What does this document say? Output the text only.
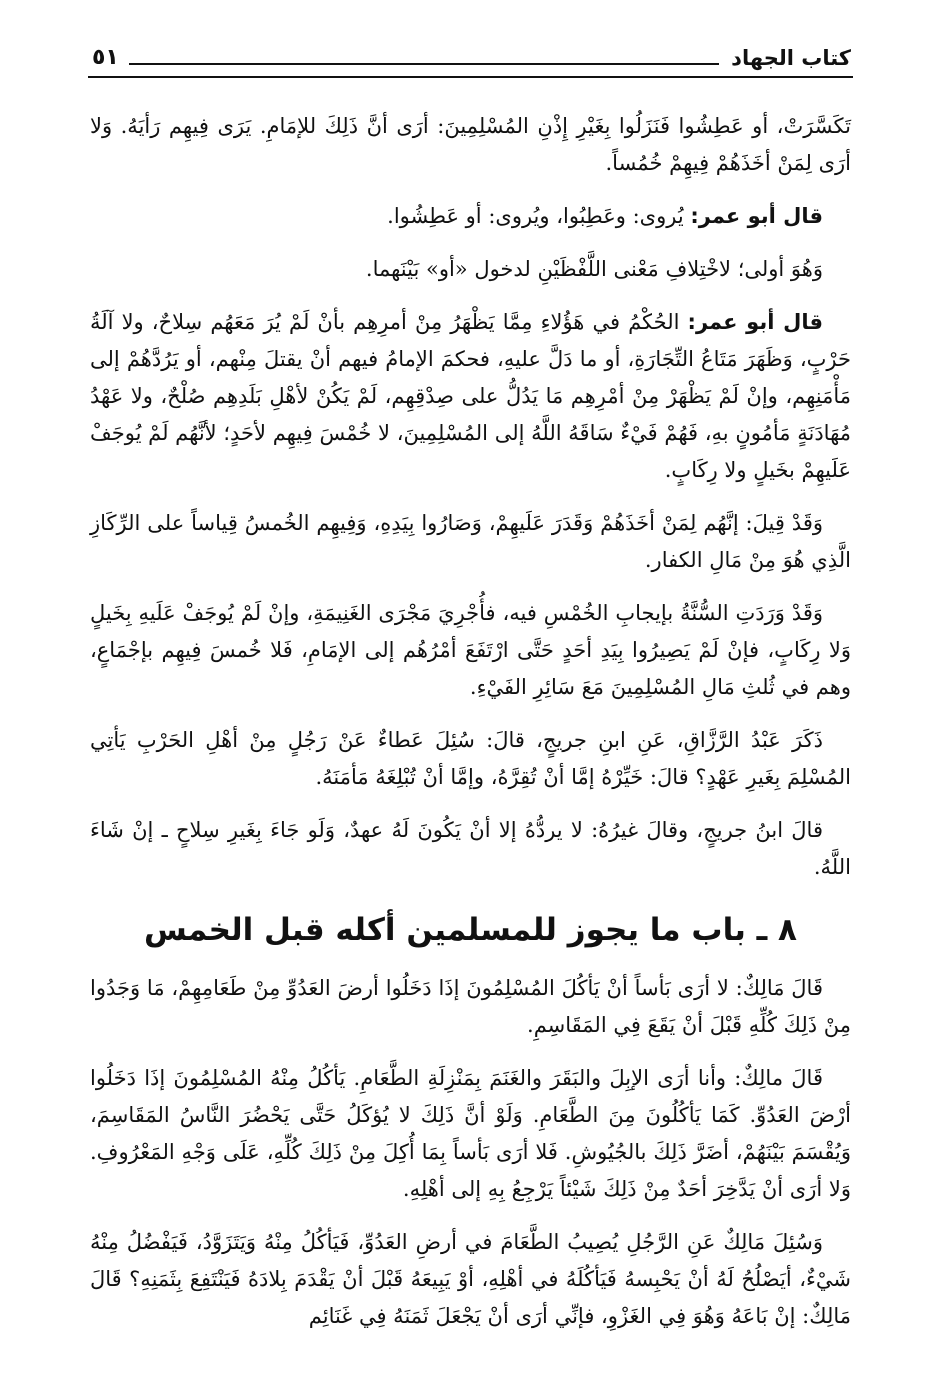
كتاب الجهاد
٥١

تَكَسَّرَتْ، أو عَطِشُوا فَنَزَلُوا بِغَيْرِ إِذْنِ المُسْلِمِينَ: أرَى أنَّ ذَلِكَ للإمَامِ. يَرَى فِيهِم رَأيَهُ. وَلا أرَى لِمَنْ أخَذَهُمْ فِيهِمْ خُمُساً.

قال أبو عمر: يُروى: وعَطِبُوا، ويُروى: أو عَطِشُوا.

وَهُوَ أولى؛ لاخْتِلافِ مَعْنى اللَّفْظَيْنِ لدخول «أو» بَيْنَهما.

قال أبو عمر: الحُكْمُ في هَؤُلاءِ مِمَّا يَظْهَرُ مِنْ أمرِهِم بأنْ لَمْ يُرَ مَعَهُم سِلاحٌ، ولا آلَةُ حَرْبٍ، وَظَهَرَ مَتَاعُ التِّجَارَةِ، أو ما دَلَّ عليهِ، فحكمَ الإمامُ فيهم أنْ يقتلَ مِنْهم، أو يَرُدَّهُمْ إلى مَأْمَنِهِم، وإنْ لَمْ يَظْهَرْ مِنْ أمْرِهِم مَا يَدُلُّ على صِدْقِهِم، لَمْ يَكُنْ لأهْلِ بَلَدِهِم صُلْحٌ، ولا عَهْدُ مُهَادَنَةٍ مَأمُونٍ بهِ، فَهُمْ فَيْءٌ سَاقَهُ اللَّهُ إلى المُسْلِمِينَ، لا خُمْسَ فِيهِم لأحَدٍ؛ لأنَّهُم لَمْ يُوجَفْ عَلَيهِمْ بخَيلٍ ولا رِكَابٍ.

وَقَدْ قِيلَ: إنَّهُم لِمَنْ أخَذَهُمْ وَقَدَرَ عَلَيهِمْ، وَصَارُوا بِيَدِهِ، وَفِيهِم الخُمسُ قِياساً على الرِّكَازِ الَّذِي هُوَ مِنْ مَالِ الكفار.

وَقَدْ وَرَدَتِ السُّنَّةُ بإيجابِ الخُمْسِ فيه، فأُجْرِيَ مَجْرَى الغَنِيمَةِ، وإنْ لَمْ يُوجَفْ عَلَيهِ بِخَيلٍ وَلا رِكَابٍ، فإنْ لَمْ يَصِيرُوا بِيَدِ أحَدٍ حَتَّى ارْتَفَعَ أمْرُهُم إلى الإمَامِ، فَلا خُمسَ فِيهِم بإجْمَاعٍ، وهم في ثُلثِ مَالِ المُسْلِمِينَ مَعَ سَائِرِ الفَيْءِ.

ذَكَرَ عَبْدُ الرَّزَّاقِ، عَنِ ابنِ جريجٍ، قالَ: سُئِلَ عَطاءٌ عَنْ رَجُلٍ مِنْ أهْلِ الحَرْبِ يَأتِي المُسْلِمَ بِغَيرِ عَهْدٍ؟ قالَ: خَيِّرْهُ إمَّا أنْ تُقِرَّهُ، وإمَّا أنْ تُبْلِغَهُ مَأمَنَهُ.

قالَ ابنُ جريجٍ، وقالَ غيرُهُ: لا يردُّهُ إلا أنْ يَكُونَ لَهُ عهدٌ، وَلَو جَاءَ بِغَيرِ سِلاحٍ ـ إنْ شَاءَ اللَّهُ.

٨ ـ باب ما يجوز للمسلمين أكله قبل الخمس

قَالَ مَالِكٌ: لا أرَى بَأساً أنْ يَأكُلَ المُسْلِمُونَ إذَا دَخَلُوا أرضَ العَدُوِّ مِنْ طَعَامِهِمْ، مَا وَجَدُوا مِنْ ذَلِكَ كُلِّهِ قَبْلَ أنْ يَقَعَ فِي المَقَاسِمِ.

قَالَ مالِكٌ: وأنا أرَى الإبِلَ والبَقَرَ والغَنَمَ بِمَنْزِلَةِ الطَّعَامِ. يَأكُلُ مِنْهُ المُسْلِمُونَ إذَا دَخَلُوا أرْضَ العَدُوِّ. كَمَا يَأكُلُونَ مِنَ الطَّعَامِ. وَلَوْ أنَّ ذَلِكَ لا يُؤكَلُ حَتَّى يَحْضُرَ النَّاسُ المَقَاسِمَ، وَيُقْسَمَ بَيْنَهُمْ، أضَرَّ ذَلِكَ بالجُيُوشِ. فَلا أرَى بَأساً بِمَا أُكِلَ مِنْ ذَلِكَ كُلِّهِ، عَلَى وَجْهِ المَعْرُوفِ. وَلا أرَى أنْ يَدَّخِرَ أحَدٌ مِنْ ذَلِكَ شَيْئاً يَرْجِعُ بِهِ إلى أهْلِهِ.

وَسُئِلَ مَالِكٌ عَنِ الرَّجُلِ يُصِيبُ الطَّعَامَ في أرضِ العَدُوِّ، فَيَأكُلُ مِنْهُ وَيَتَزَوَّدُ، فَيَفْضُلُ مِنْهُ شَيْءٌ، أيَصْلُحُ لَهُ أنْ يَحْبِسهُ فَيَأكُلَهُ في أهْلِهِ، أوْ يَبِيعَهُ قَبْلَ أنْ يَقْدَمَ بِلادَهُ فَيَنْتَفِعَ بِثَمَنِهِ؟ قَالَ مَالِكٌ: إنْ بَاعَهُ وَهُوَ فِي الغَزْوِ، فإنِّي أرَى أنْ يَجْعَلَ ثَمَنَهُ فِي غَنَائِم
